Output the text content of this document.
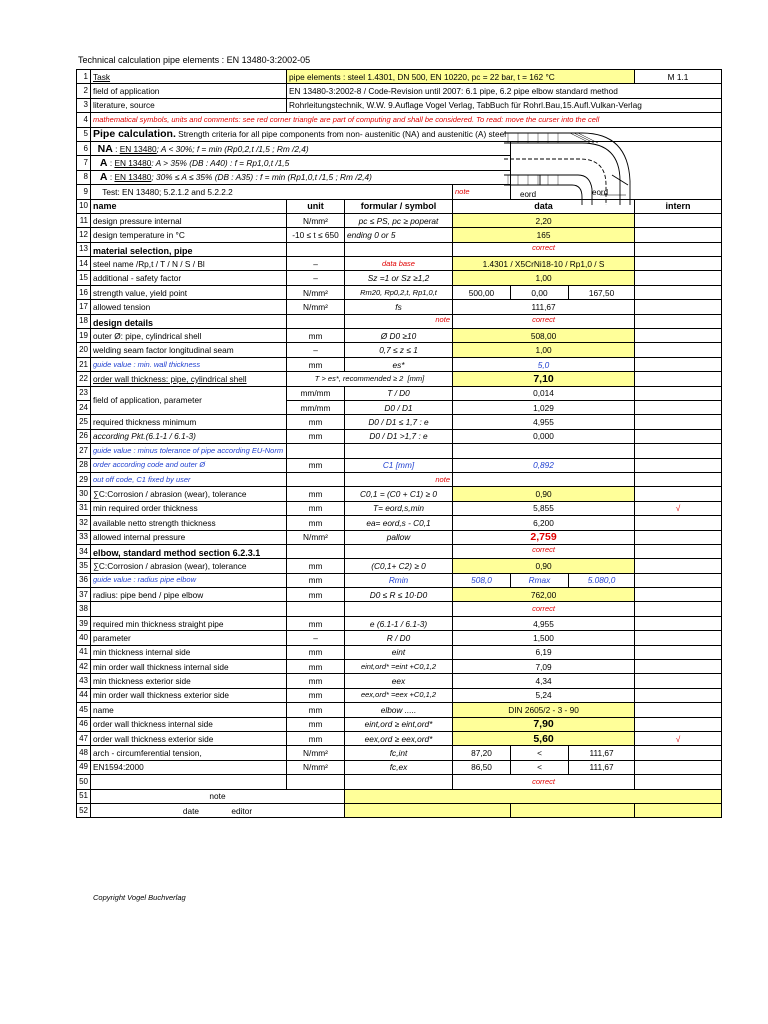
Technical calculation pipe elements : EN 13480-3:2002-05
1	Task	pipe elements : steel 1.4301, DN 500, EN 10220, pc = 22 bar, t = 162 °C					M 1.1
2	field of application	EN 13480-3:2002-8 / Code-Revision until 2007: 6.1 pipe, 6.2 pipe elbow standard method					
3	literature, source	Rohrleitungstechnik, W.W. 9.Auflage Vogel Verlag, TabBuch für Rohrl.Bau,15.Aufl.Vulkan-Verlag					
4	mathematical symbols, units and comments: see red corner triangle are part of computing and shall be considered. To read: move the curser into the cell						
5	Pipe calculation. Strength criteria for all pipe components from non- austenitic (NA) and austenitic (A) steel						
6	NA : EN 13480; A < 30%; f = min (Rp0,2,t /1,5 ; Rm /2,4)						
7	A : EN 13480: A > 35% (DB : A40) : f = Rp1,0,t /1,5						
8	A : EN 13480; 30% ≤ A ≤ 35% (DB : A35) : f = min (Rp1,0,t /1,5 ; Rm /2,4)						
9	Test: EN 13480; 5.2.1.2 and 5.2.2.2			note			
10	name	unit	formular / symbol	data			intern
11	design pressure internal	N/mm²	pc ≤ PS, pc ≥ poperat	2,20			
12	design temperature in °C	-10 ≤ t ≤ 650	ending 0 or 5	165			
13	material selection, pipe			correct			
14	steel name /Rp,t / T / N / S / Bl	–	data base	1.4301 / X5CrNi18-10 / Rp1,0 / S			
15	additional - safety factor	–	Sz =1 or Sz ≥1,2	1,00			
16	strength value, yield point	N/mm²	Rm20, Rp0,2,t, Rp1,0,t	500,00	0,00	167,50	
17	allowed tension	N/mm²	fs	111,67			
18	design details		note	correct			
19	outer Ø: pipe, cylindrical shell	mm	Ø D0 ≥10	508,00			
20	welding seam factor longitudinal seam	–	0,7 ≤ z ≤ 1	1,00			
21	guide value : min. wall thickness	mm	es*	5,0			
22	order wall thickness: pipe, cylindrical shell	T > es*, recommended ≥ 2 [mm]		7,10			
23	field of application, parameter	mm/mm	T / D0	0,014			
24		mm/mm	D0 / D1	1,029			
25	required thickness minimum	mm	D0 / D1 ≤ 1,7 : e	4,955			
26	according Pkt.(6.1-1 / 6.1-3)	mm	D0 / D1 >1,7 : e	0,000			
27	guide value : minus tolerance of pipe according EU-Norm						
28	order according code and outer Ø	mm	C1 [mm]	0,892			
29	out off code, C1 fixed by user		note				
30	∑C:Corrosion / abrasion (wear), tolerance	mm	C0,1 = (C0 + C1) ≥ 0	0,90			
31	min required order thickness	mm	T= eord,s,min	5,855			√
32	available netto strength thickness	mm	ea= eord,s - C0,1	6,200			
33	allowed internal pressure	N/mm²	pallow	2,759			
34	elbow, standard method section 6.2.3.1			correct			
35	∑C:Corrosion / abrasion (wear), tolerance	mm	(C0,1+ C2) ≥ 0	0,90			
36	guide value : radius pipe elbow	mm	Rmin	508,0	Rmax	5.080,0	
37	radius: pipe bend / pipe elbow	mm	D0 ≤ R ≤ 10·D0	762,00			
38				correct			
39	required min thickness straight pipe	mm	e (6.1-1 / 6.1-3)	4,955			
40	parameter	–	R / D0	1,500			
41	min thickness internal side	mm	eint	6,19			
42	min order wall thickness internal side	mm	eint,ord* =eint +C0,1,2	7,09			
43	min thickness exterior side	mm	eex	4,34			
44	min order wall thickness exterior side	mm	eex,ord* =eex +C0,1,2	5,24			
45	name	mm	elbow .....	DIN 2605/2 - 3 - 90			
46	order wall thickness internal side	mm	eint,ord ≥ eint,ord*	7,90			
47	order wall thickness exterior side	mm	eex,ord ≥ eex,ord*	5,60			√
48	arch - circumferential tension,	N/mm²	fc,int	87,20	<	111,67	
49	EN1594:2000	N/mm²	fc,ex	86,50	<	111,67	
50				correct			
51	note						
52	date editor						
eord	eord
Copyright Vogel Buchverlag
